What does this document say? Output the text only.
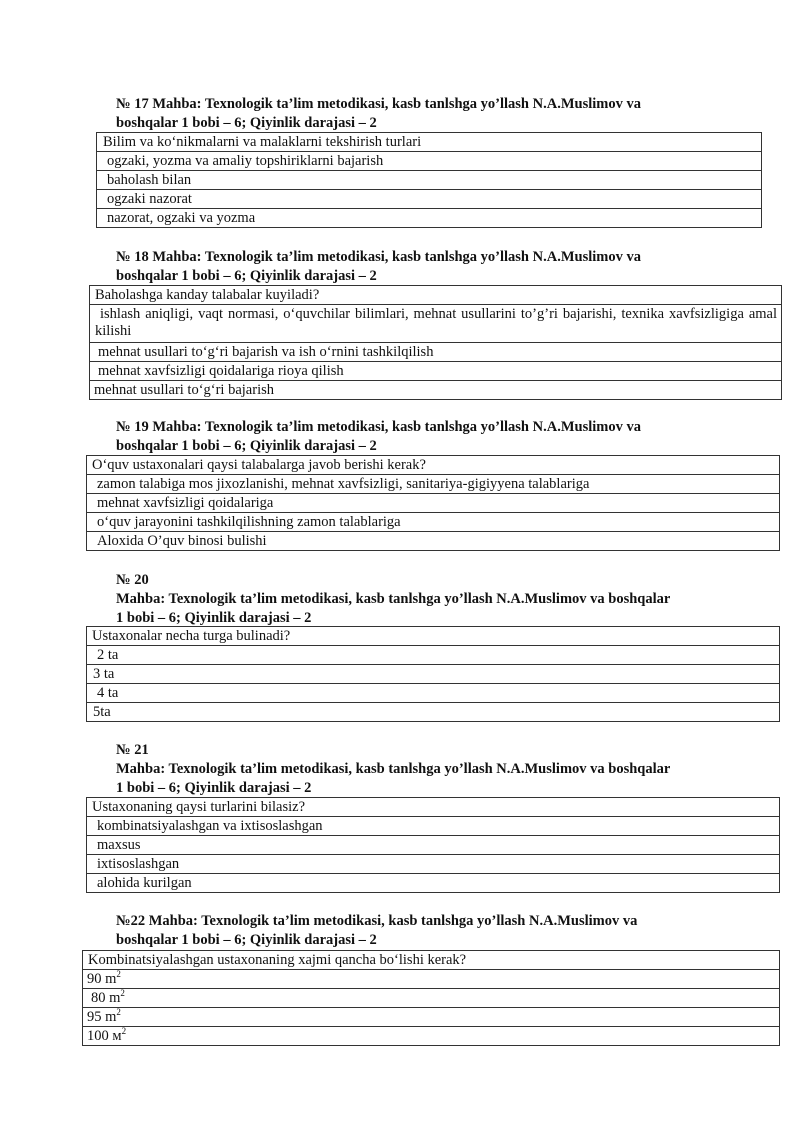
№ 17 Mahba: Texnologik ta’lim metodikasi, kasb tanlshga yo’llash N.A.Muslimov va
boshqalar 1 bobi – 6; Qiyinlik darajasi – 2
Bilim va ko‘nikmalarni va malaklarni tekshirish turlari
ogzaki, yozma va amaliy topshiriklarni bajarish
baholash bilan
ogzaki nazorat
nazorat, ogzaki va yozma
№ 18 Mahba: Texnologik ta’lim metodikasi, kasb tanlshga yo’llash N.A.Muslimov va
boshqalar 1 bobi – 6; Qiyinlik darajasi – 2
Baholashga kanday talabalar kuyiladi?
ishlash aniqligi, vaqt normasi, o‘quvchilar bilimlari, mehnat usullarini to’g’ri bajarishi, texnika xavfsizligiga amal kilishi
mehnat usullari to‘g‘ri bajarish va ish o‘rnini tashkilqilish
mehnat xavfsizligi qoidalariga rioya qilish
mehnat usullari to‘g‘ri bajarish
№ 19 Mahba: Texnologik ta’lim metodikasi, kasb tanlshga yo’llash N.A.Muslimov va
boshqalar 1 bobi – 6; Qiyinlik darajasi – 2
O‘quv ustaxonalari qaysi talabalarga javob berishi kerak?
zamon talabiga mos jixozlanishi, mehnat xavfsizligi, sanitariya-gigiyyena talablariga
mehnat xavfsizligi qoidalariga
o‘quv jarayonini tashkilqilishning zamon talablariga
Aloxida O’quv binosi bulishi
№ 20
Mahba: Texnologik ta’lim metodikasi, kasb tanlshga yo’llash N.A.Muslimov va boshqalar
1 bobi – 6; Qiyinlik darajasi – 2
Ustaxonalar necha turga bulinadi?
2 ta
3 ta
4 ta
5ta
№ 21
Mahba: Texnologik ta’lim metodikasi, kasb tanlshga yo’llash N.A.Muslimov va boshqalar
1 bobi – 6; Qiyinlik darajasi – 2
Ustaxonaning qaysi turlarini bilasiz?
kombinatsiyalashgan va ixtisoslashgan
maxsus
ixtisoslashgan
alohida kurilgan
№22 Mahba: Texnologik ta’lim metodikasi, kasb tanlshga yo’llash N.A.Muslimov va
boshqalar 1 bobi – 6; Qiyinlik darajasi – 2
Kombinatsiyalashgan ustaxonaning xajmi qancha bo‘lishi kerak?
90 $m^2$
80 $m^2$
95 $m^2$
100 $м^2$
